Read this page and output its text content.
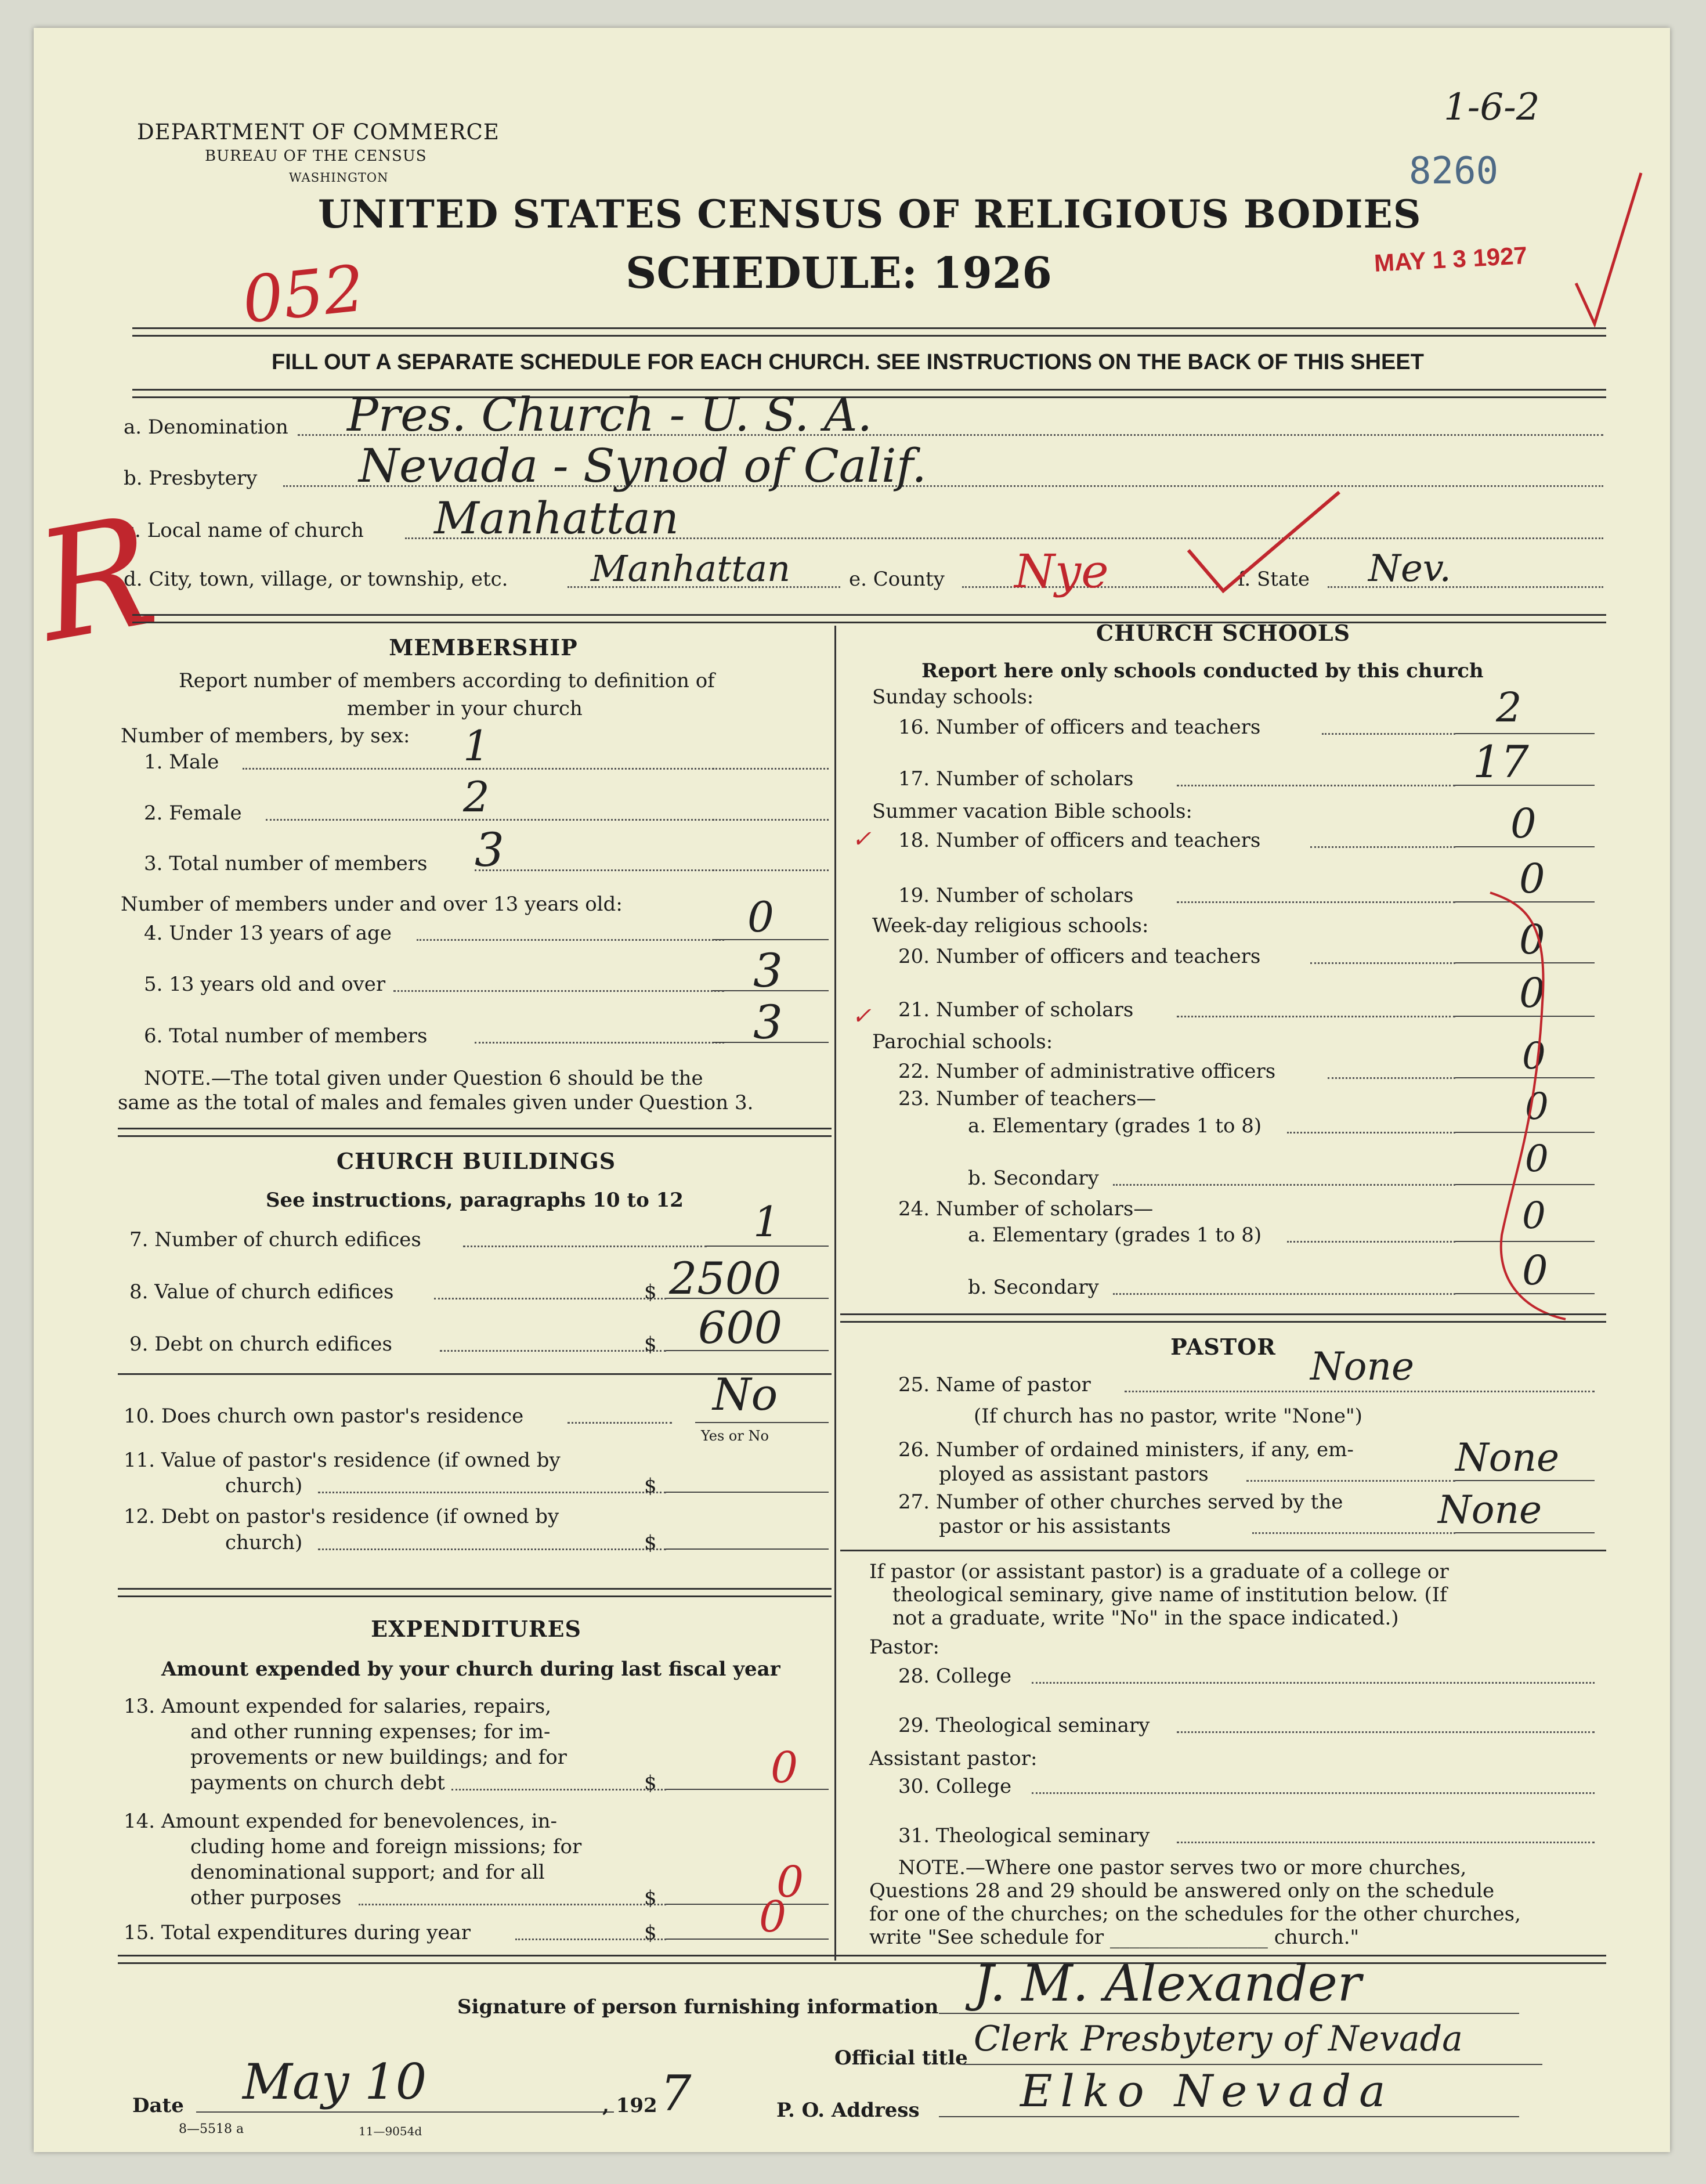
DEPARTMENT OF COMMERCE
BUREAU OF THE CENSUS
WASHINGTON
UNITED STATES CENSUS OF RELIGIOUS BODIES
SCHEDULE: 1926
052
8260
MAY 1 3 1927
1-6-2
FILL OUT A SEPARATE SCHEDULE FOR EACH CHURCH. SEE INSTRUCTIONS ON THE BACK OF THIS SHEET
a. Denomination Pres. Church - U. S. A.
b. Presbytery Nevada - Synod of Calif.
c. Local name of church Manhattan
d. City, town, village, or township, etc. Manhattan	e. County Nye	f. State Nev.
R	MEMBERSHIP
Report number of members according to definition of
member in your church
Number of members, by sex:
1. Male	1
2. Female	2
3. Total number of members 3
Number of members under and over 13 years old:
4. Under 13 years of age	0
5. 13 years old and over	3
6. Total number of members	3
NOTE.—The total given under Question 6 should be the
same as the total of males and females given under Question 3.
CHURCH BUILDINGS
See instructions, paragraphs 10 to 12
7. Number of church edifices	1
8. Value of church edifices	$ 2500
9. Debt on church edifices	$ 600
10. Does church own pastor's residence	No
Yes or No
11. Value of pastor's residence (if owned by
church)	$
12. Debt on pastor's residence (if owned by
church)	$
EXPENDITURES
Amount expended by your church during last fiscal year
13. Amount expended for salaries, repairs,
and other running expenses; for im-
provements or new buildings; and for
payments on church debt	$	0
14. Amount expended for benevolences, in-
cluding home and foreign missions; for
denominational support; and for all
other purposes	$	0
15. Total expenditures during year	$ 0
CHURCH SCHOOLS
Report here only schools conducted by this church
Sunday schools:
16. Number of officers and teachers	2
17. Number of scholars	17
Summer vacation Bible schools:
18. Number of officers and teachers	0
✓
19. Number of scholars	0
Week-day religious schools:
20. Number of officers and teachers	0
21. Number of scholars	0
✓
Parochial schools:
22. Number of administrative officers	0
23. Number of teachers—
a. Elementary (grades 1 to 8)	0
b. Secondary	0
24. Number of scholars—
a. Elementary (grades 1 to 8)	0
b. Secondary	0
PASTOR
25. Name of pastor	None
(If church has no pastor, write "None")
26. Number of ordained ministers, if any, em-
ployed as assistant pastors	None
27. Number of other churches served by the
pastor or his assistants	None
If pastor (or assistant pastor) is a graduate of a college or
theological seminary, give name of institution below. (If
not a graduate, write "No" in the space indicated.)
Pastor:
28. College
29. Theological seminary
Assistant pastor:
30. College
31. Theological seminary
NOTE.—Where one pastor serves two or more churches,
Questions 28 and 29 should be answered only on the schedule
for one of the churches; on the schedules for the other churches,
write "See schedule for ________________ church."
Signature of person furnishing information J. M. Alexander
Official title Clerk Presbytery of Nevada
Date May 10	, 192 7	P. O. Address Elko Nevada
8—5518 a	11—9054d
